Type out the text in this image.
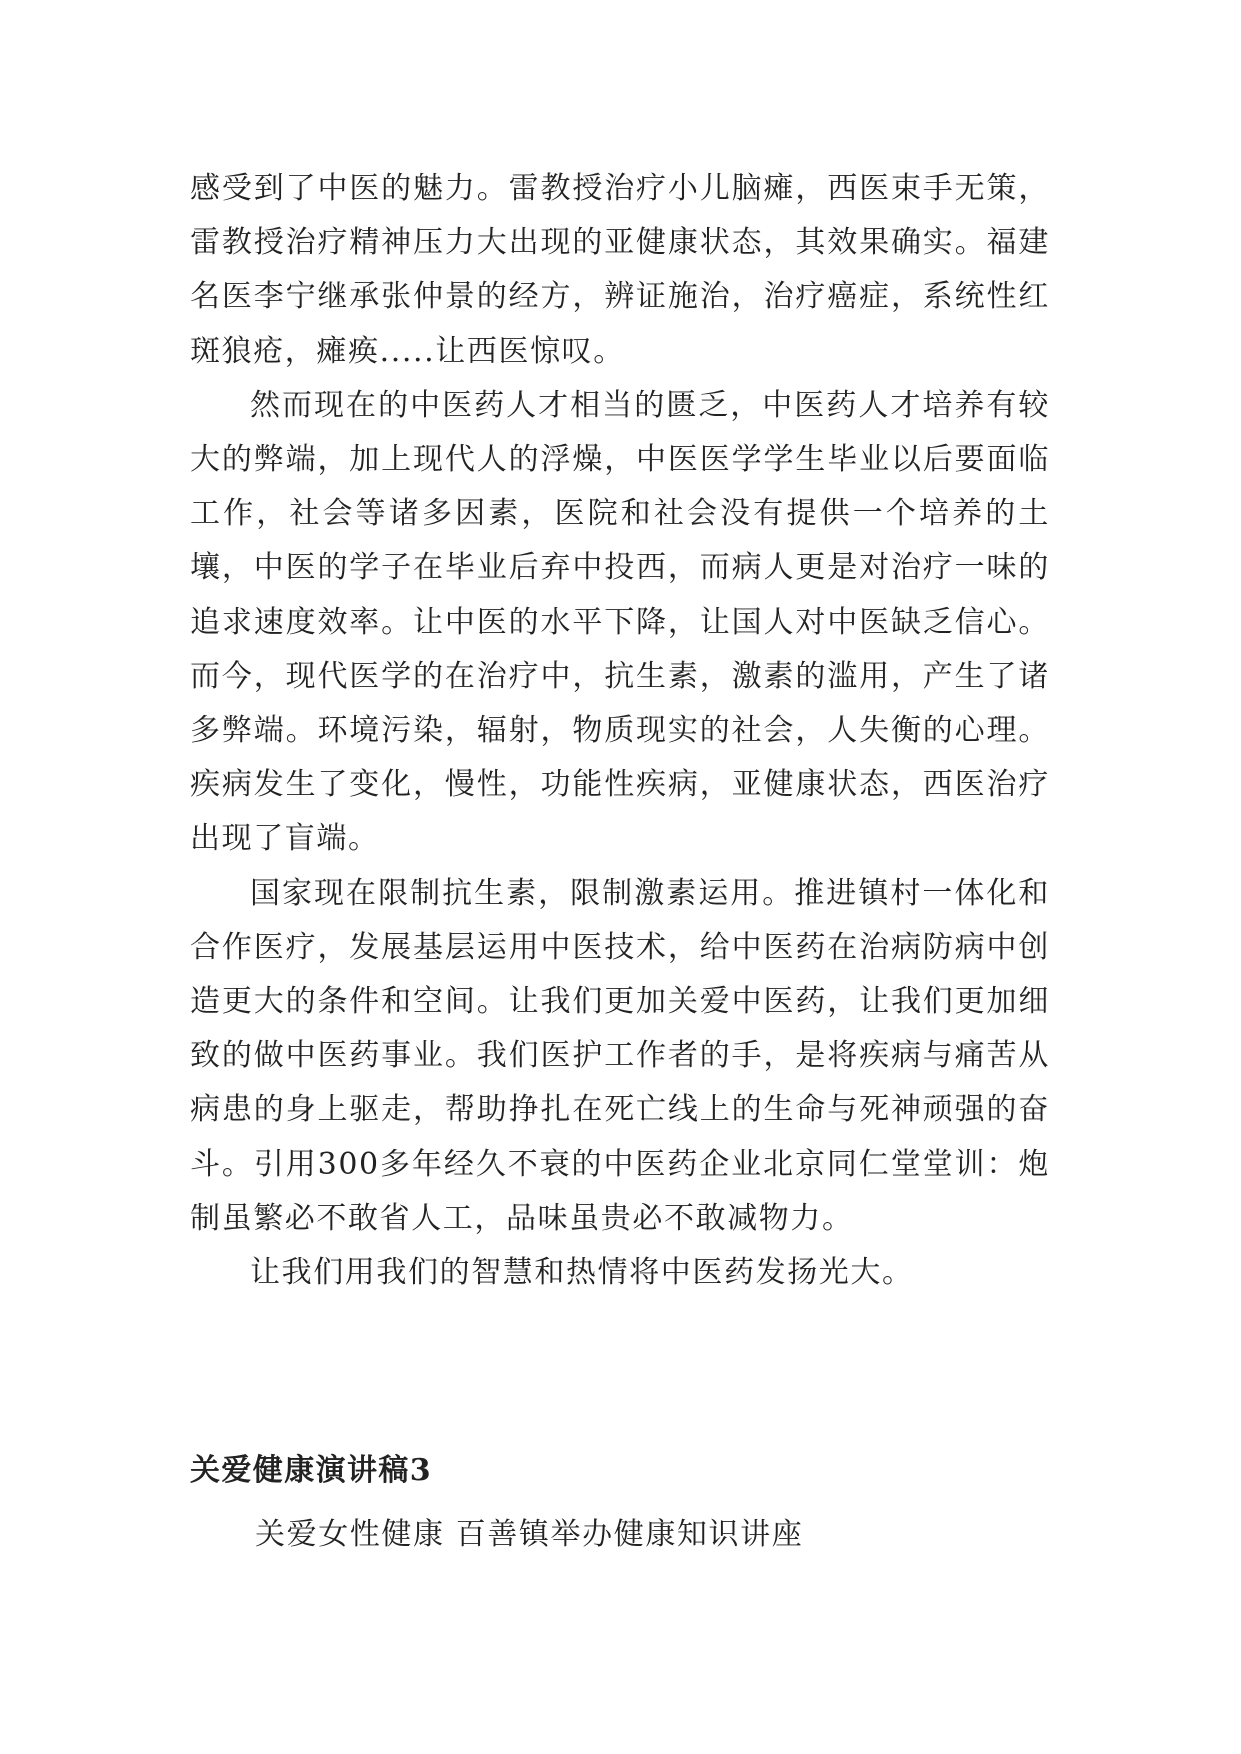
感受到了中医的魅力。雷教授治疗小儿脑瘫，西医束手无策，雷教授治疗精神压力大出现的亚健康状态，其效果确实。福建名医李宁继承张仲景的经方，辨证施治，治疗癌症，系统性红斑狼疮，瘫痪.....让西医惊叹。

然而现在的中医药人才相当的匮乏，中医药人才培养有较大的弊端，加上现代人的浮燥，中医医学学生毕业以后要面临工作，社会等诸多因素，医院和社会没有提供一个培养的土壤，中医的学子在毕业后弃中投西，而病人更是对治疗一味的追求速度效率。让中医的水平下降，让国人对中医缺乏信心。而今，现代医学的在治疗中，抗生素，激素的滥用，产生了诸多弊端。环境污染，辐射，物质现实的社会，人失衡的心理。疾病发生了变化，慢性，功能性疾病，亚健康状态，西医治疗出现了盲端。

国家现在限制抗生素，限制激素运用。推进镇村一体化和合作医疗，发展基层运用中医技术，给中医药在治病防病中创造更大的条件和空间。让我们更加关爱中医药，让我们更加细致的做中医药事业。我们医护工作者的手，是将疾病与痛苦从病患的身上驱走，帮助挣扎在死亡线上的生命与死神顽强的奋斗。引用300多年经久不衰的中医药企业北京同仁堂堂训：炮制虽繁必不敢省人工，品味虽贵必不敢减物力。

让我们用我们的智慧和热情将中医药发扬光大。

关爱健康演讲稿3

关爱女性健康 百善镇举办健康知识讲座
